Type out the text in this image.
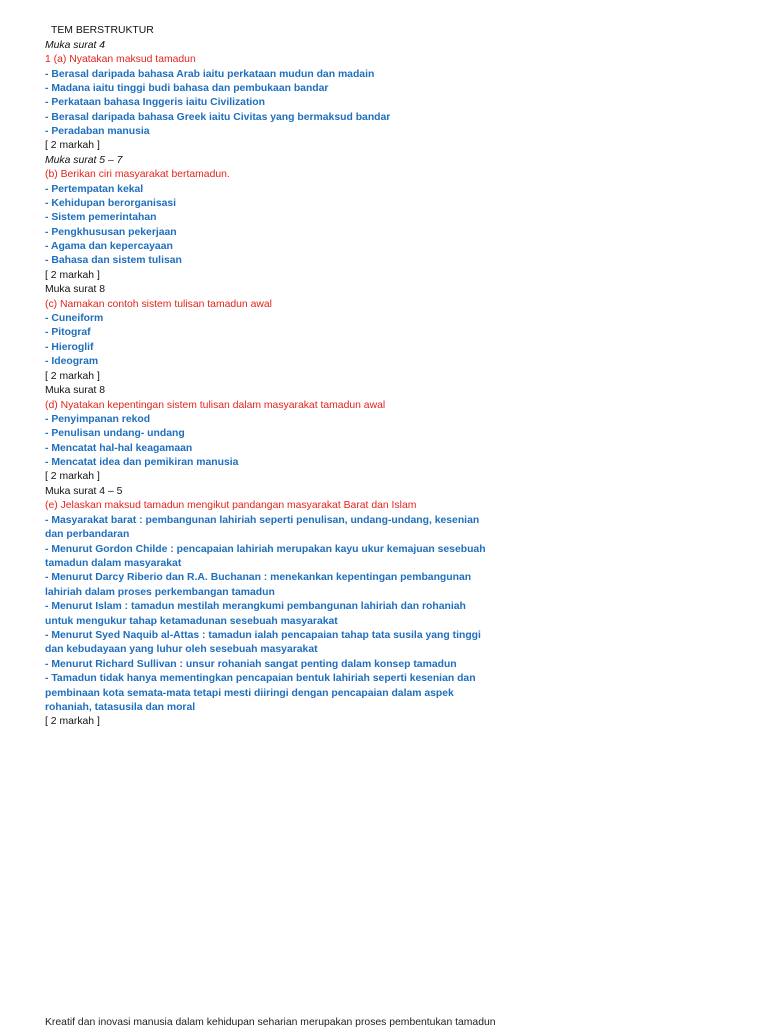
TEM BERSTRUKTUR
Muka surat 4
1 (a) Nyatakan maksud tamadun
- Berasal daripada bahasa Arab iaitu perkataan mudun dan madain
- Madana iaitu tinggi budi bahasa dan pembukaan bandar
- Perkataan bahasa Inggeris iaitu Civilization
- Berasal daripada bahasa Greek iaitu Civitas yang bermaksud bandar
- Peradaban manusia
[ 2 markah ]
Muka surat 5 – 7
(b) Berikan ciri masyarakat bertamadun.
- Pertempatan kekal
- Kehidupan berorganisasi
- Sistem pemerintahan
- Pengkhususan pekerjaan
- Agama dan kepercayaan
- Bahasa dan sistem tulisan
[ 2 markah ]
Muka surat 8
(c) Namakan contoh sistem tulisan tamadun awal
- Cuneiform
- Pitograf
- Hieroglif
- Ideogram
[ 2 markah ]
Muka surat 8
(d) Nyatakan kepentingan sistem tulisan dalam masyarakat tamadun awal
- Penyimpanan rekod
- Penulisan undang- undang
- Mencatat hal-hal keagamaan
- Mencatat idea dan pemikiran manusia
[ 2 markah ]
Muka surat 4 – 5
(e) Jelaskan maksud tamadun mengikut pandangan masyarakat Barat dan Islam
- Masyarakat barat : pembangunan lahiriah seperti penulisan, undang-undang, kesenian
dan perbandaran
- Menurut Gordon Childe : pencapaian lahiriah merupakan kayu ukur kemajuan sesebuah
tamadun dalam masyarakat
- Menurut Darcy Riberio dan R.A. Buchanan : menekankan kepentingan pembangunan
lahiriah dalam proses perkembangan tamadun
- Menurut Islam : tamadun mestilah merangkumi pembangunan lahiriah dan rohaniah
untuk mengukur tahap ketamadunan sesebuah masyarakat
- Menurut Syed Naquib al-Attas : tamadun ialah pencapaian tahap tata susila yang tinggi
dan kebudayaan yang luhur oleh sesebuah masyarakat
- Menurut Richard Sullivan : unsur rohaniah sangat penting dalam konsep tamadun
- Tamadun tidak hanya mementingkan pencapaian bentuk lahiriah seperti kesenian dan
pembinaan kota semata-mata tetapi mesti diiringi dengan pencapaian dalam aspek
rohaniah, tatasusila dan moral
[ 2 markah ]
Kreatif dan inovasi manusia dalam kehidupan seharian merupakan proses pembentukan tamadun
